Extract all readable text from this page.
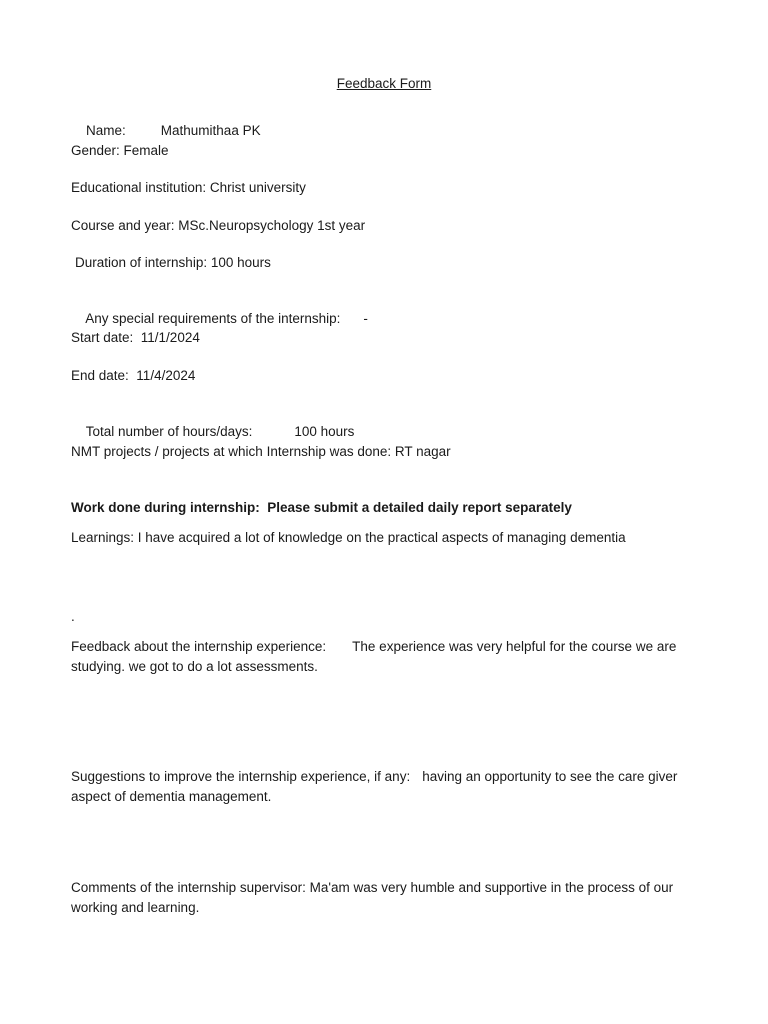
Feedback Form

Name:	Mathumithaa PK

Gender: Female
Educational institution: Christ university
Course and year: MSc.Neuropsychology 1st year
Duration of internship: 100 hours

Any special requirements of the internship: -

Start date:  11/1/2024
End date:  11/4/2024

Total number of hours/days:	100 hours

NMT projects / projects at which Internship was done: RT nagar
Work done during internship:  Please submit a detailed daily report separately
Learnings: I have acquired a lot of knowledge on the practical aspects of managing dementia
.
Feedback about the internship experience: The experience was very helpful for the course we are studying. we got to do a lot assessments.
Suggestions to improve the internship experience, if any: having an opportunity to see the care giver aspect of dementia management.
Comments of the internship supervisor: Ma'am was very humble and supportive in the process of our working and learning.
